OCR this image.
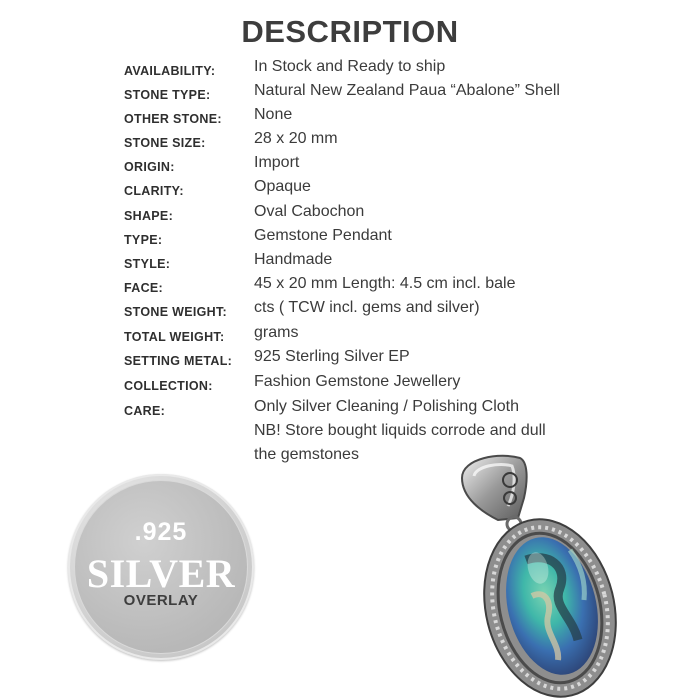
DESCRIPTION
AVAILABILITY: In Stock and Ready to ship
STONE TYPE:	Natural New Zealand Paua “Abalone” Shell
OTHER STONE: None
STONE SIZE:	28 x 20 mm
ORIGIN:	Import
CLARITY:	Opaque
SHAPE:	Oval Cabochon
TYPE:	Gemstone Pendant
STYLE:	Handmade
FACE:	45 x 20 mm Length: 4.5 cm incl. bale
STONE WEIGHT: cts ( TCW incl. gems and silver)
TOTAL WEIGHT: grams
SETTING METAL: 925 Sterling Silver EP
COLLECTION:	Fashion Gemstone Jewellery
CARE:	Only Silver Cleaning / Polishing Cloth
NB! Store bought liquids corrode and dull
the gemstones
.925
SILVER
OVERLAY
